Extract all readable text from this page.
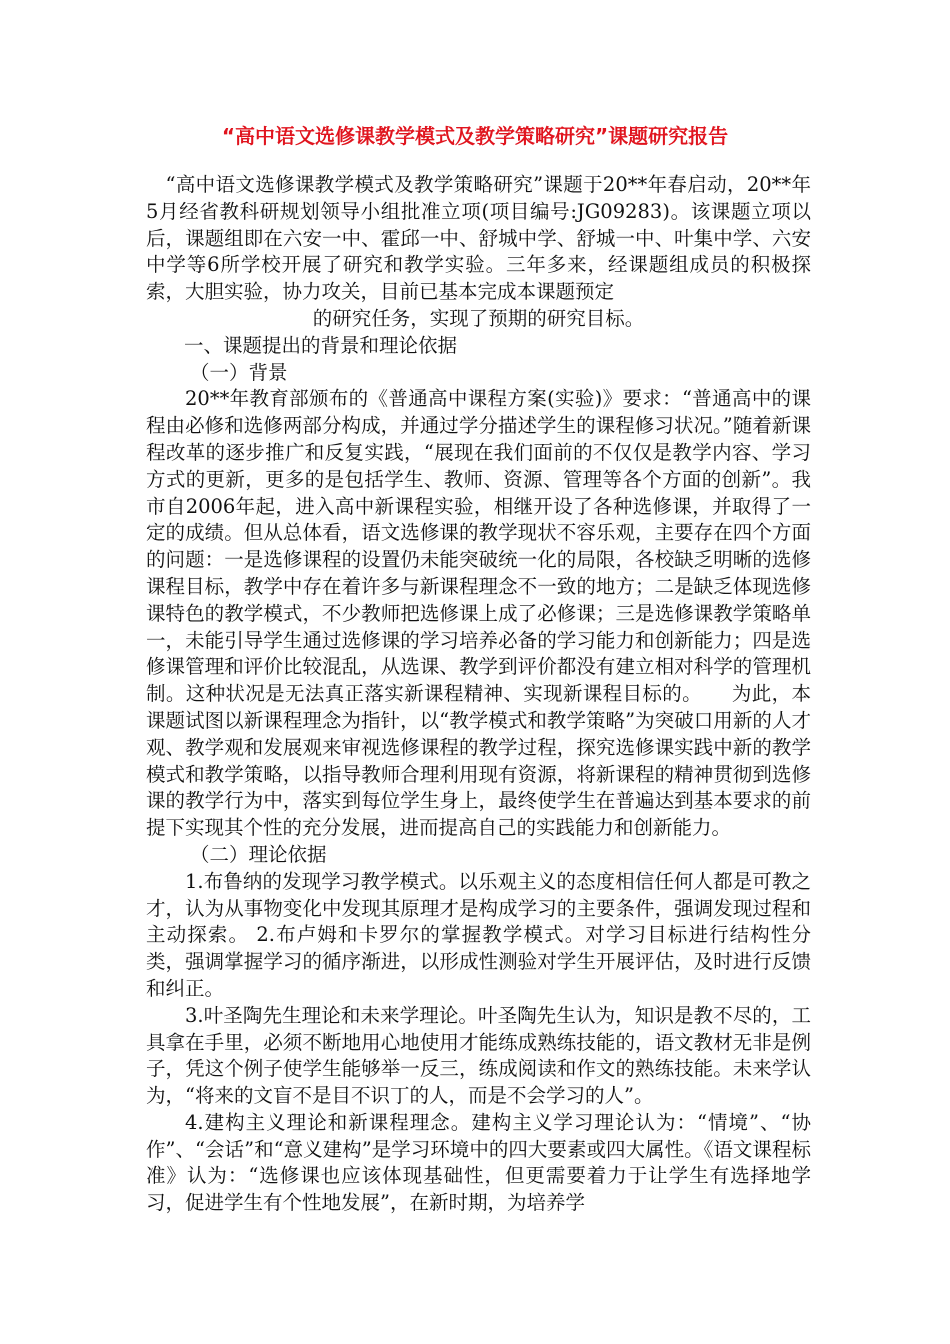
“高中语文选修课教学模式及教学策略研究”课题研究报告

“高中语文选修课教学模式及教学策略研究”课题于20**年春启动，20**年5月经省教科研规划领导小组批准立项(项目编号:JG09283)。该课题立项以后，课题组即在六安一中、霍邱一中、舒城中学、舒城一中、叶集中学、六安中学等6所学校开展了研究和教学实验。三年多来，经课题组成员的积极探索，大胆实验，协力攻关，目前已基本完成本课题预定

的研究任务，实现了预期的研究目标。

一、课题提出的背景和理论依据

（一）背景

20**年教育部颁布的《普通高中课程方案(实验)》要求：“普通高中的课程由必修和选修两部分构成，并通过学分描述学生的课程修习状况。”随着新课程改革的逐步推广和反复实践，“展现在我们面前的不仅仅是教学内容、学习方式的更新，更多的是包括学生、教师、资源、管理等各个方面的创新”。我市自2006年起，进入高中新课程实验，相继开设了各种选修课，并取得了一定的成绩。但从总体看，语文选修课的教学现状不容乐观，主要存在四个方面的问题：一是选修课程的设置仍未能突破统一化的局限，各校缺乏明晰的选修课程目标，教学中存在着许多与新课程理念不一致的地方；二是缺乏体现选修课特色的教学模式，不少教师把选修课上成了必修课；三是选修课教学策略单一，未能引导学生通过选修课的学习培养必备的学习能力和创新能力；四是选修课管理和评价比较混乱，从选课、教学到评价都没有建立相对科学的管理机制。这种状况是无法真正落实新课程精神、实现新课程目标的。　　为此，本课题试图以新课程理念为指针，以“教学模式和教学策略”为突破口用新的人才观、教学观和发展观来审视选修课程的教学过程，探究选修课实践中新的教学模式和教学策略，以指导教师合理利用现有资源，将新课程的精神贯彻到选修课的教学行为中，落实到每位学生身上，最终使学生在普遍达到基本要求的前提下实现其个性的充分发展，进而提高自己的实践能力和创新能力。

（二）理论依据

1.布鲁纳的发现学习教学模式。以乐观主义的态度相信任何人都是可教之才，认为从事物变化中发现其原理才是构成学习的主要条件，强调发现过程和主动探索。 2.布卢姆和卡罗尔的掌握教学模式。对学习目标进行结构性分类，强调掌握学习的循序渐进，以形成性测验对学生开展评估，及时进行反馈和纠正。

3.叶圣陶先生理论和未来学理论。叶圣陶先生认为，知识是教不尽的，工具拿在手里，必须不断地用心地使用才能练成熟练技能的，语文教材无非是例子，凭这个例子使学生能够举一反三，练成阅读和作文的熟练技能。未来学认为，“将来的文盲不是目不识丁的人，而是不会学习的人”。

4.建构主义理论和新课程理念。建构主义学习理论认为：“情境”、“协作”、“会话”和“意义建构”是学习环境中的四大要素或四大属性。《语文课程标准》认为：“选修课也应该体现基础性，但更需要着力于让学生有选择地学习，促进学生有个性地发展”，在新时期，为培养学
